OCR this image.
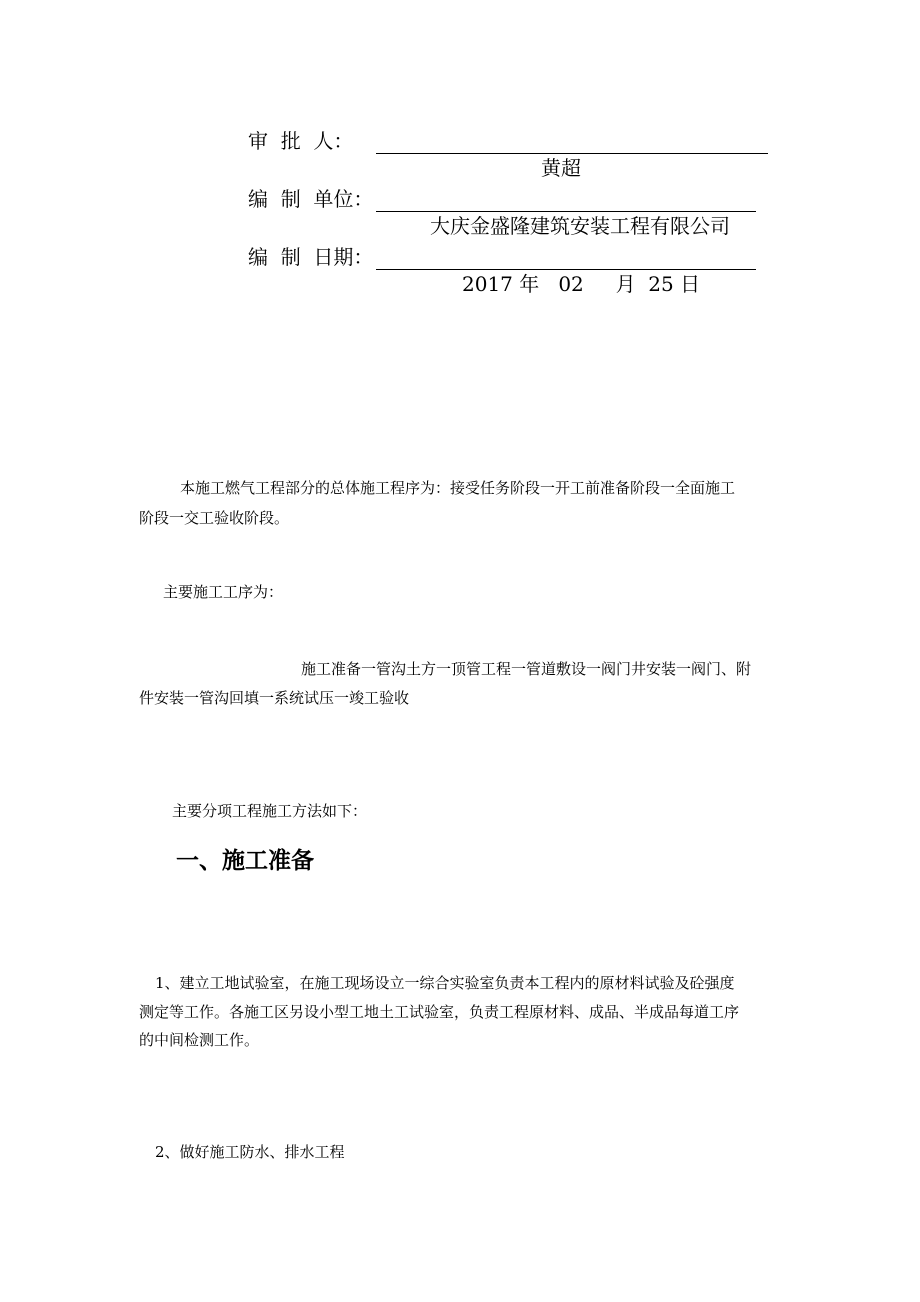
审  批  人：

黄超

编  制  单位：

大庆金盛隆建筑安装工程有限公司

编  制  日期：

2017 年   02     月  25 日

本施工燃气工程部分的总体施工程序为：接受任务阶段一开工前准备阶段一全面施工
阶段一交工验收阶段。
主要施工工序为：
施工准备一管沟土方一顶管工程一管道敷设一阀门井安装一阀门、附
件安装一管沟回填一系统试压一竣工验收
主要分项工程施工方法如下：
一、施工准备
1、建立工地试验室，在施工现场设立一综合实验室负责本工程内的原材料试验及砼强度
测定等工作。各施工区另设小型工地土工试验室，负责工程原材料、成品、半成品每道工序
的中间检测工作。
2、做好施工防水、排水工程
